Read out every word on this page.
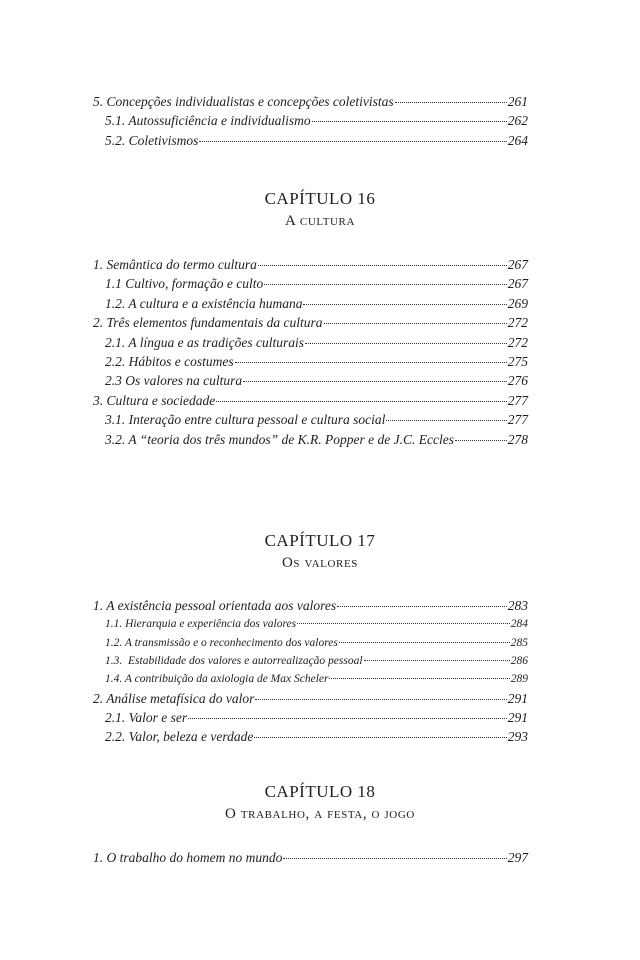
5. Concepções individualistas e concepções coletivistas	261
5.1. Autossuficiência e individualismo	262
5.2. Coletivismos	264
CAPÍTULO 16
A cultura
1. Semântica do termo cultura	267
1.1 Cultivo, formação e culto	267
1.2. A cultura e a existência humana	269
2. Três elementos fundamentais da cultura	272
2.1. A língua e as tradições culturais	272
2.2. Hábitos e costumes	275
2.3 Os valores na cultura	276
3. Cultura e sociedade	277
3.1. Interação entre cultura pessoal e cultura social	277
3.2. A “teoria dos três mundos” de K.R. Popper e de J.C. Eccles	278
CAPÍTULO 17
Os valores
1. A existência pessoal orientada aos valores	283
1.1. Hierarquia e experiência dos valores	284
1.2. A transmissão e o reconhecimento dos valores	285
1.3.  Estabilidade dos valores e autorrealização pessoal	286
1.4. A contribuição da axiologia de Max Scheler	289
2. Análise metafísica do valor	291
2.1. Valor e ser	291
2.2. Valor, beleza e verdade	293
CAPÍTULO 18
O trabalho, a festa, o jogo
1. O trabalho do homem no mundo	297
